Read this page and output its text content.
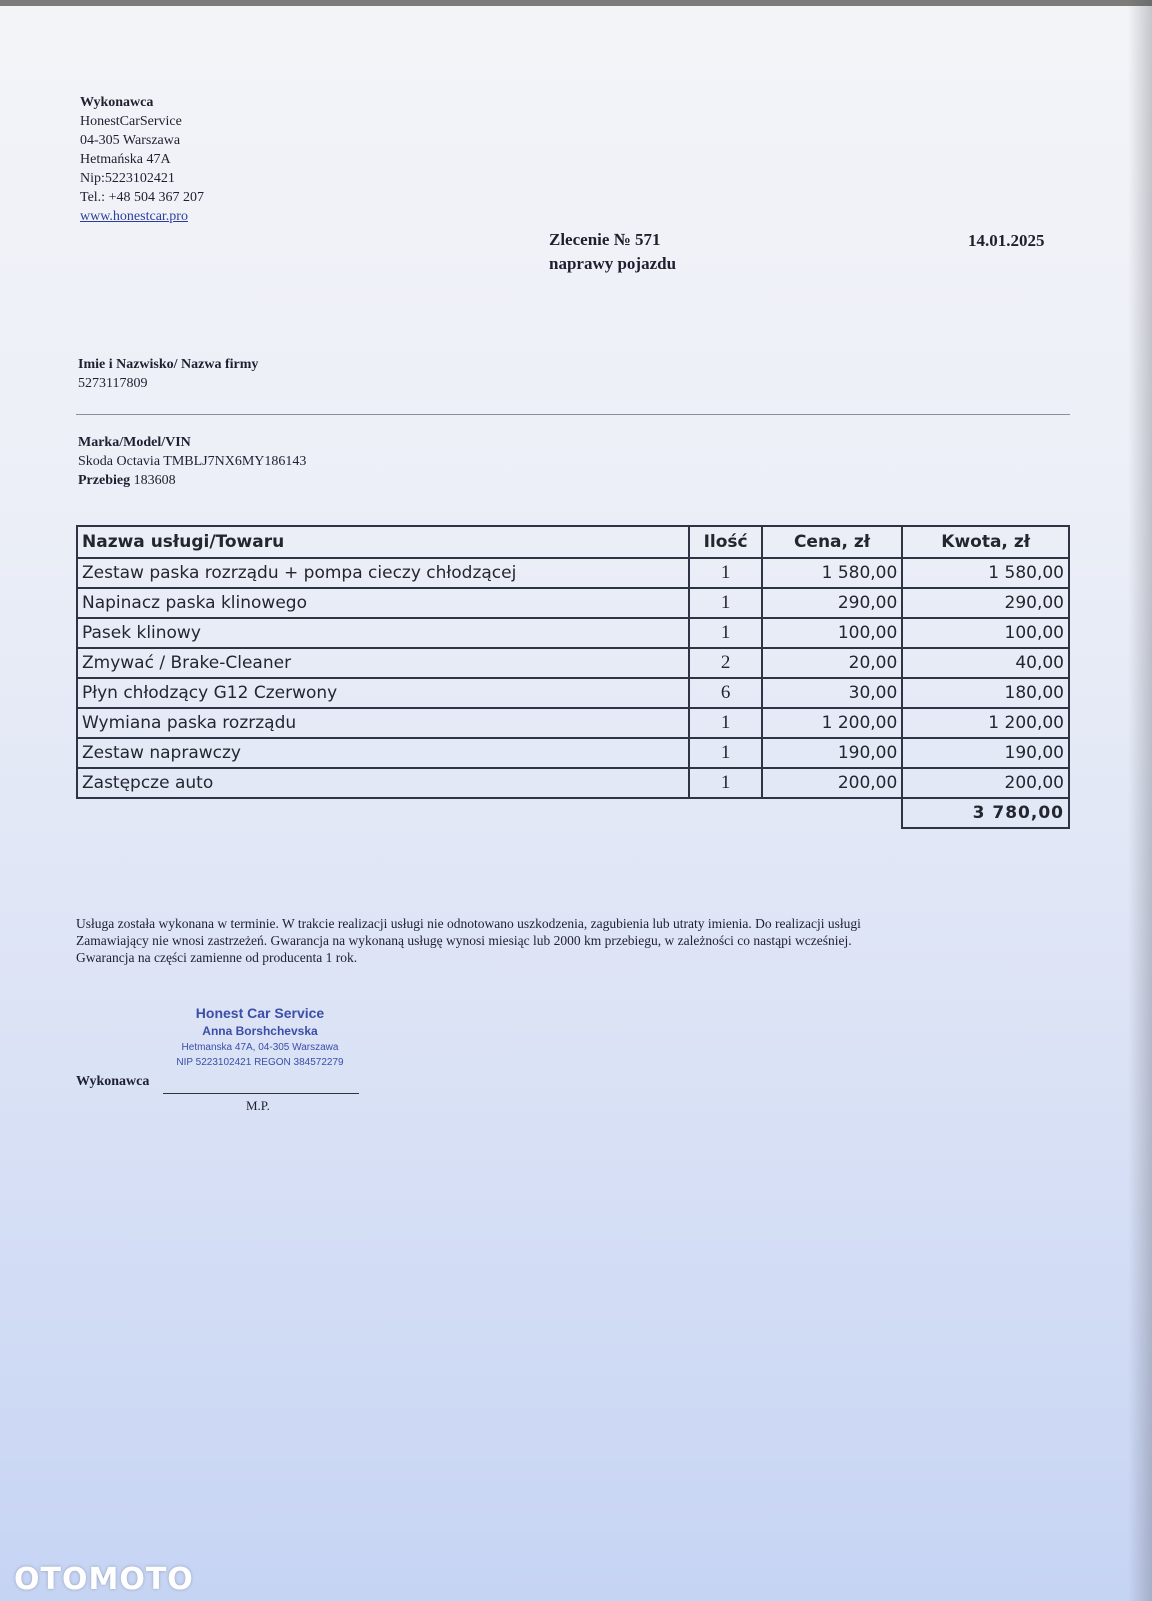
Wykonawca
HonestCarService
04-305 Warszawa
Hetmańska 47A
Nip:5223102421
Tel.: +48 504 367 207
www.honestcar.pro
Zlecenie № 571
naprawy pojazdu
14.01.2025
Imie i Nazwisko/ Nazwa firmy
5273117809
Marka/Model/VIN
Skoda Octavia TMBLJ7NX6MY186143
Przebieg 183608
Nazwa usługi/Towaru	Ilość	Cena, zł	Kwota, zł
Zestaw paska rozrządu + pompa cieczy chłodzącej	1	1 580,00	1 580,00
Napinacz paska klinowego	1	290,00	290,00
Pasek klinowy	1	100,00	100,00
Zmywać / Brake-Cleaner	2	20,00	40,00
Płyn chłodzący G12 Czerwony	6	30,00	180,00
Wymiana paska rozrządu	1	1 200,00	1 200,00
Zestaw naprawczy	1	190,00	190,00
Zastępcze auto	1	200,00	200,00
			3 780,00
Usługa została wykonana w terminie. W trakcie realizacji usługi nie odnotowano uszkodzenia, zagubienia lub utraty imienia. Do realizacji usługi
Zamawiający nie wnosi zastrzeżeń. Gwarancja na wykonaną usługę wynosi miesiąc lub 2000 km przebiegu, w zależności co nastąpi wcześniej.
Gwarancja na części zamienne od producenta 1 rok.
Honest Car Service
Anna Borshchevska
Hetmanska 47A, 04-305 Warszawa
NIP 5223102421 REGON 384572279
Wykonawca
M.P.
OTOMOTO
